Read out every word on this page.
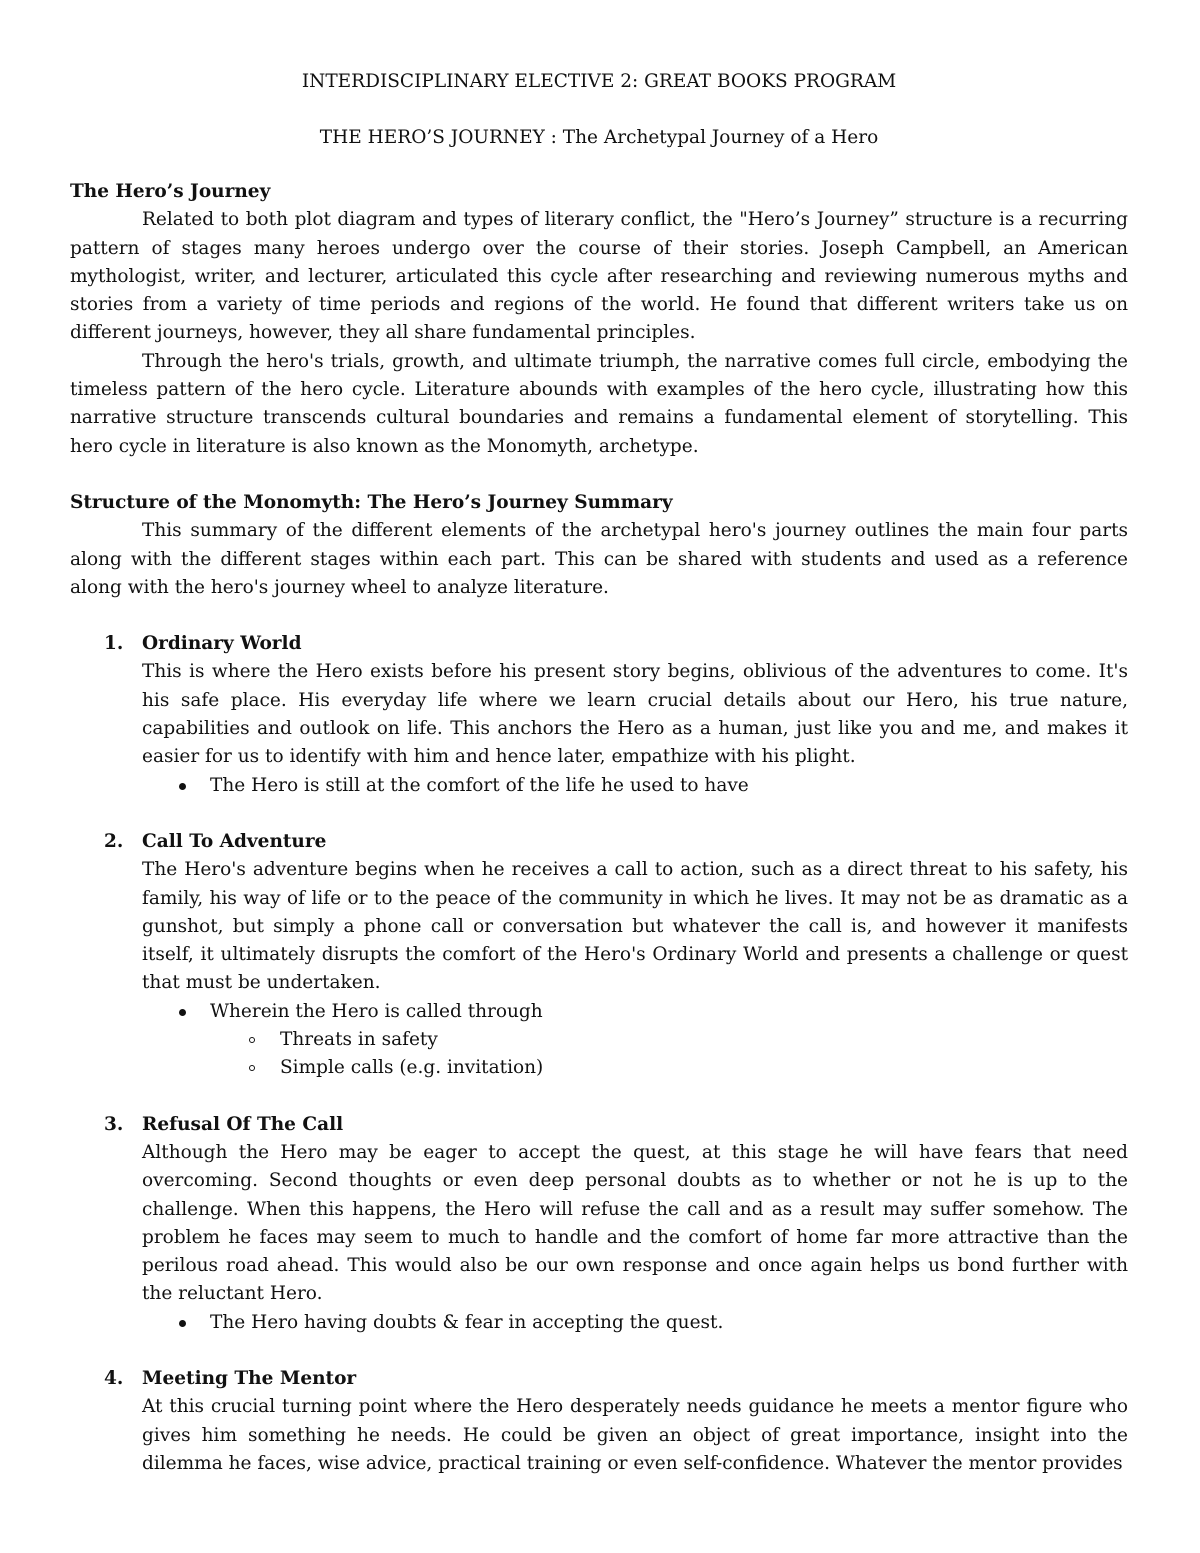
INTERDISCIPLINARY ELECTIVE 2: GREAT BOOKS PROGRAM
THE HERO’S JOURNEY : The Archetypal Journey of a Hero
The Hero’s Journey

Related to both plot diagram and types of literary conflict, the "Hero’s Journey” structure is a recurring pattern of stages many heroes undergo over the course of their stories. Joseph Campbell, an American mythologist, writer, and lecturer, articulated this cycle after researching and reviewing numerous myths and stories from a variety of time periods and regions of the world. He found that different writers take us on different journeys, however, they all share fundamental principles.

Through the hero's trials, growth, and ultimate triumph, the narrative comes full circle, embodying the timeless pattern of the hero cycle. Literature abounds with examples of the hero cycle, illustrating how this narrative structure transcends cultural boundaries and remains a fundamental element of storytelling. This hero cycle in literature is also known as the Monomyth, archetype.

Structure of the Monomyth: The Hero’s Journey Summary

This summary of the different elements of the archetypal hero's journey outlines the main four parts along with the different stages within each part. This can be shared with students and used as a reference along with the hero's journey wheel to analyze literature.

1. Ordinary World
This is where the Hero exists before his present story begins, oblivious of the adventures to come. It's his safe place. His everyday life where we learn crucial details about our Hero, his true nature, capabilities and outlook on life. This anchors the Hero as a human, just like you and me, and makes it easier for us to identify with him and hence later, empathize with his plight.
The Hero is still at the comfort of the life he used to have
2. Call To Adventure
The Hero's adventure begins when he receives a call to action, such as a direct threat to his safety, his family, his way of life or to the peace of the community in which he lives. It may not be as dramatic as a gunshot, but simply a phone call or conversation but whatever the call is, and however it manifests itself, it ultimately disrupts the comfort of the Hero's Ordinary World and presents a challenge or quest that must be undertaken.
Wherein the Hero is called through
Threats in safety
Simple calls (e.g. invitation)
3. Refusal Of The Call
Although the Hero may be eager to accept the quest, at this stage he will have fears that need overcoming. Second thoughts or even deep personal doubts as to whether or not he is up to the challenge. When this happens, the Hero will refuse the call and as a result may suffer somehow. The problem he faces may seem to much to handle and the comfort of home far more attractive than the perilous road ahead. This would also be our own response and once again helps us bond further with the reluctant Hero.
The Hero having doubts & fear in accepting the quest.
4. Meeting The Mentor
At this crucial turning point where the Hero desperately needs guidance he meets a mentor figure who gives him something he needs. He could be given an object of great importance, insight into the dilemma he faces, wise advice, practical training or even self-confidence. Whatever the mentor provides
